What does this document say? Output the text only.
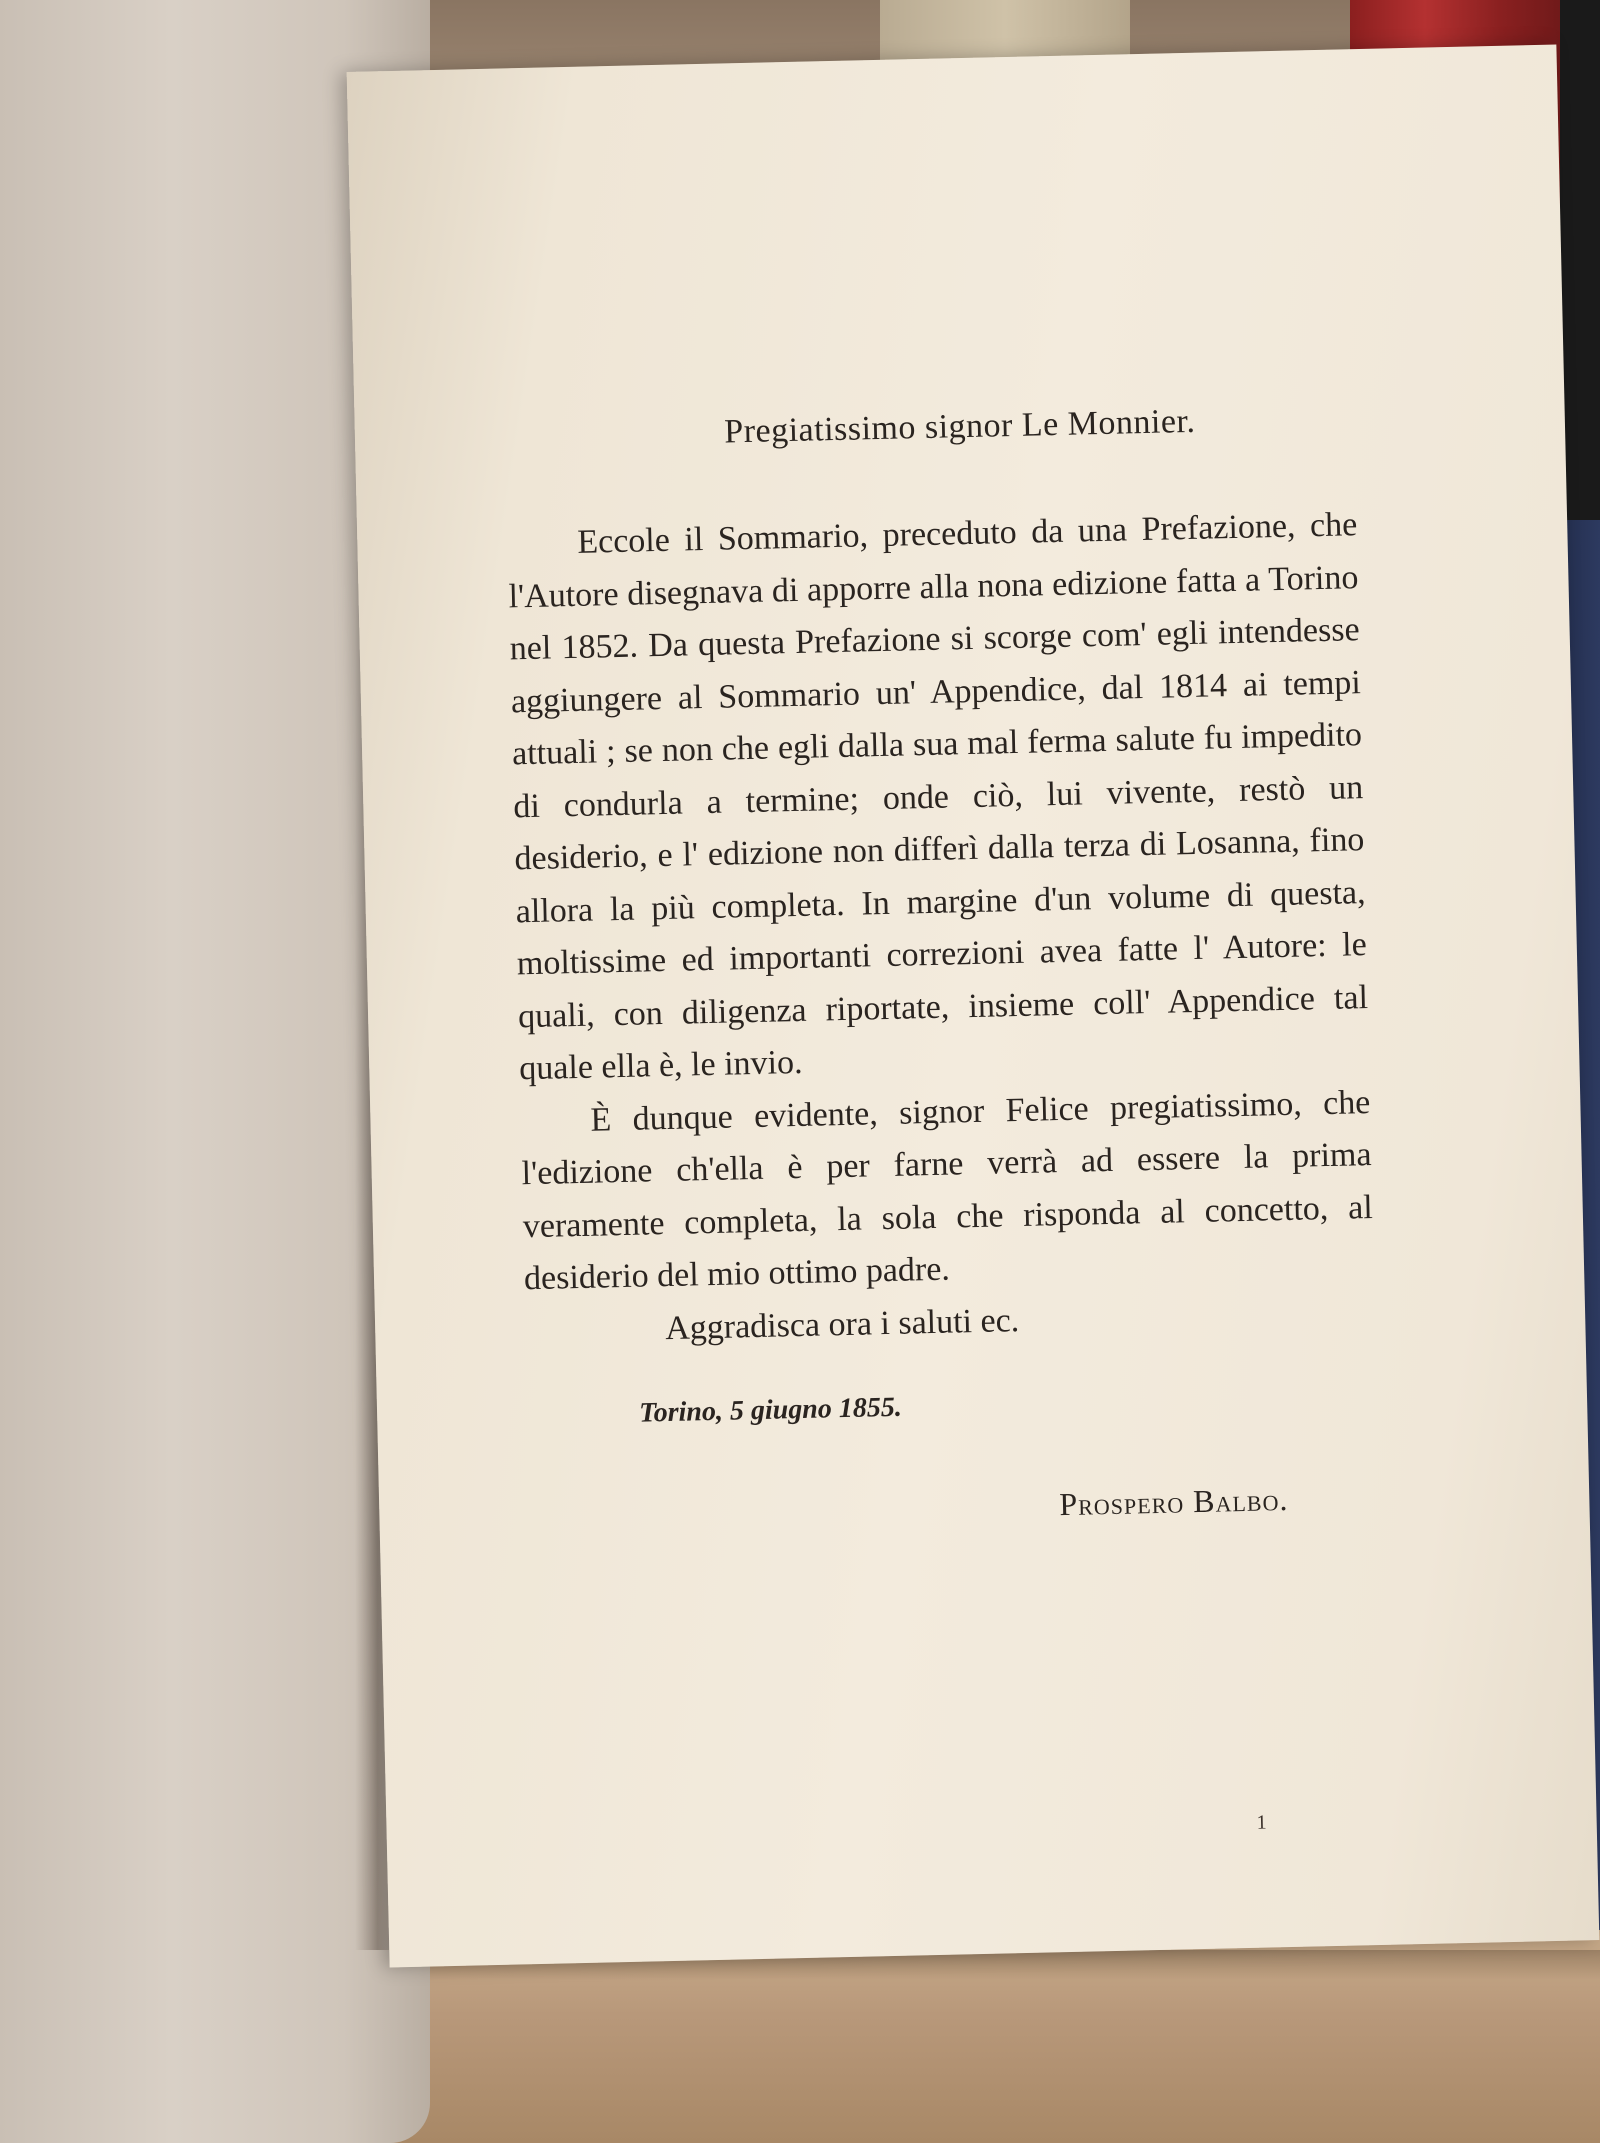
Pregiatissimo signor Le Monnier.

Eccole il Sommario, preceduto da una Prefazione, che l'Autore disegnava di apporre alla nona edizione fatta a Torino nel 1852. Da questa Prefazione si scorge com' egli intendesse aggiungere al Sommario un' Appendice, dal 1814 ai tempi attuali ; se non che egli dalla sua mal ferma salute fu impedito di condurla a termine; onde ciò, lui vivente, restò un desiderio, e l' edizione non differì dalla terza di Losanna, fino allora la più completa. In margine d'un volume di questa, moltissime ed importanti correzioni avea fatte l' Autore: le quali, con diligenza riportate, insieme coll' Appendice tal quale ella è, le invio.

È dunque evidente, signor Felice pregiatissimo, che l'edizione ch'ella è per farne verrà ad essere la prima veramente completa, la sola che risponda al concetto, al desiderio del mio ottimo padre.

Aggradisca ora i saluti ec.

Torino, 5 giugno 1855.

Prospero Balbo.

1
